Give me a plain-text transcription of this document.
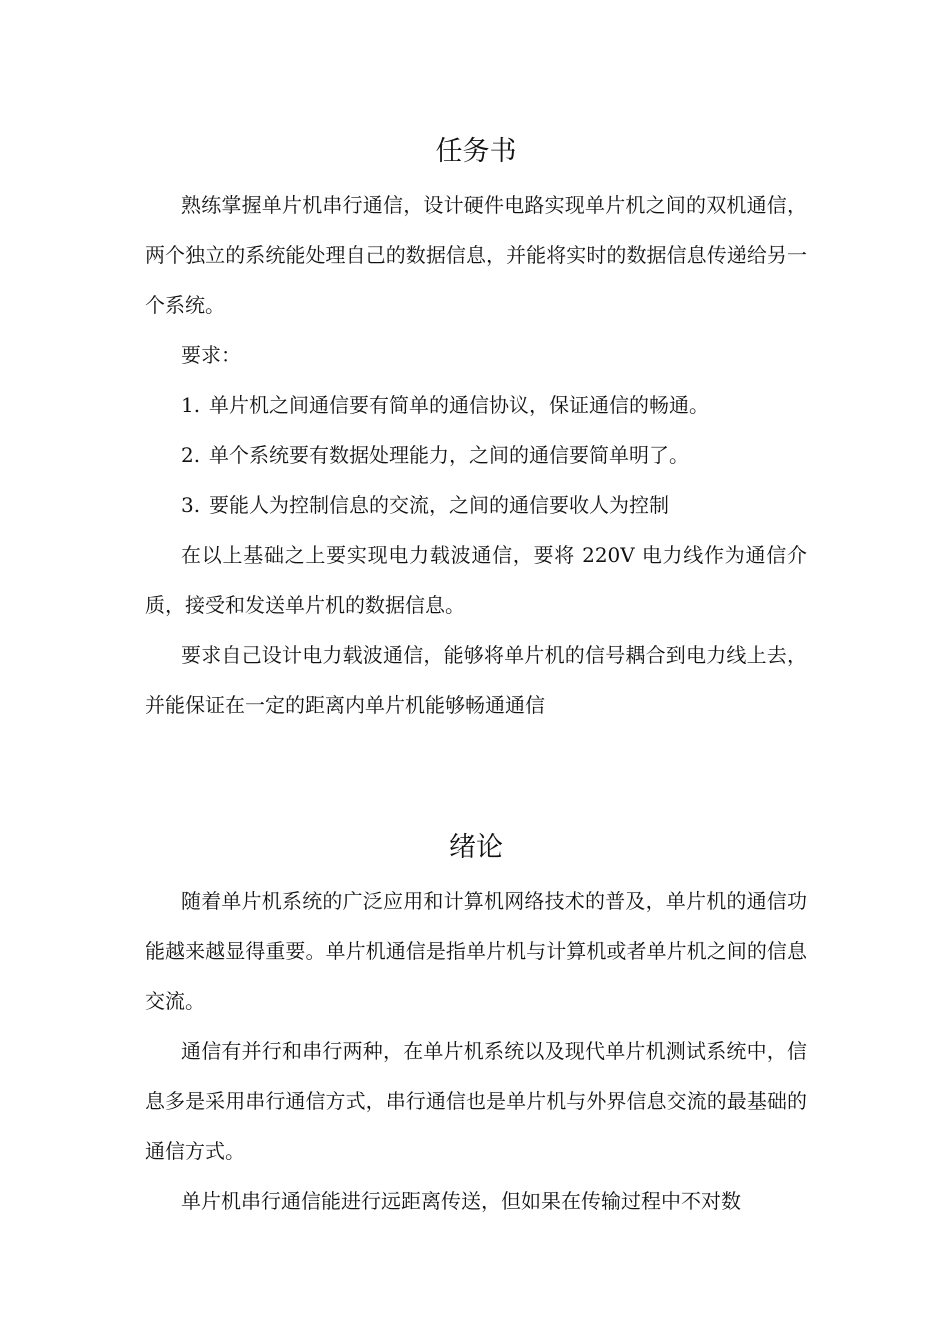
任务书

熟练掌握单片机串行通信，设计硬件电路实现单片机之间的双机通信，两个独立的系统能处理自己的数据信息，并能将实时的数据信息传递给另一个系统。

要求：

1. 单片机之间通信要有简单的通信协议，保证通信的畅通。
2. 单个系统要有数据处理能力，之间的通信要简单明了。
3. 要能人为控制信息的交流，之间的通信要收人为控制

在以上基础之上要实现电力载波通信，要将 220V 电力线作为通信介质，接受和发送单片机的数据信息。

要求自己设计电力载波通信，能够将单片机的信号耦合到电力线上去，并能保证在一定的距离内单片机能够畅通通信

绪论

随着单片机系统的广泛应用和计算机网络技术的普及，单片机的通信功能越来越显得重要。单片机通信是指单片机与计算机或者单片机之间的信息交流。

通信有并行和串行两种，在单片机系统以及现代单片机测试系统中，信息多是采用串行通信方式，串行通信也是单片机与外界信息交流的最基础的通信方式。

单片机串行通信能进行远距离传送，但如果在传输过程中不对数
